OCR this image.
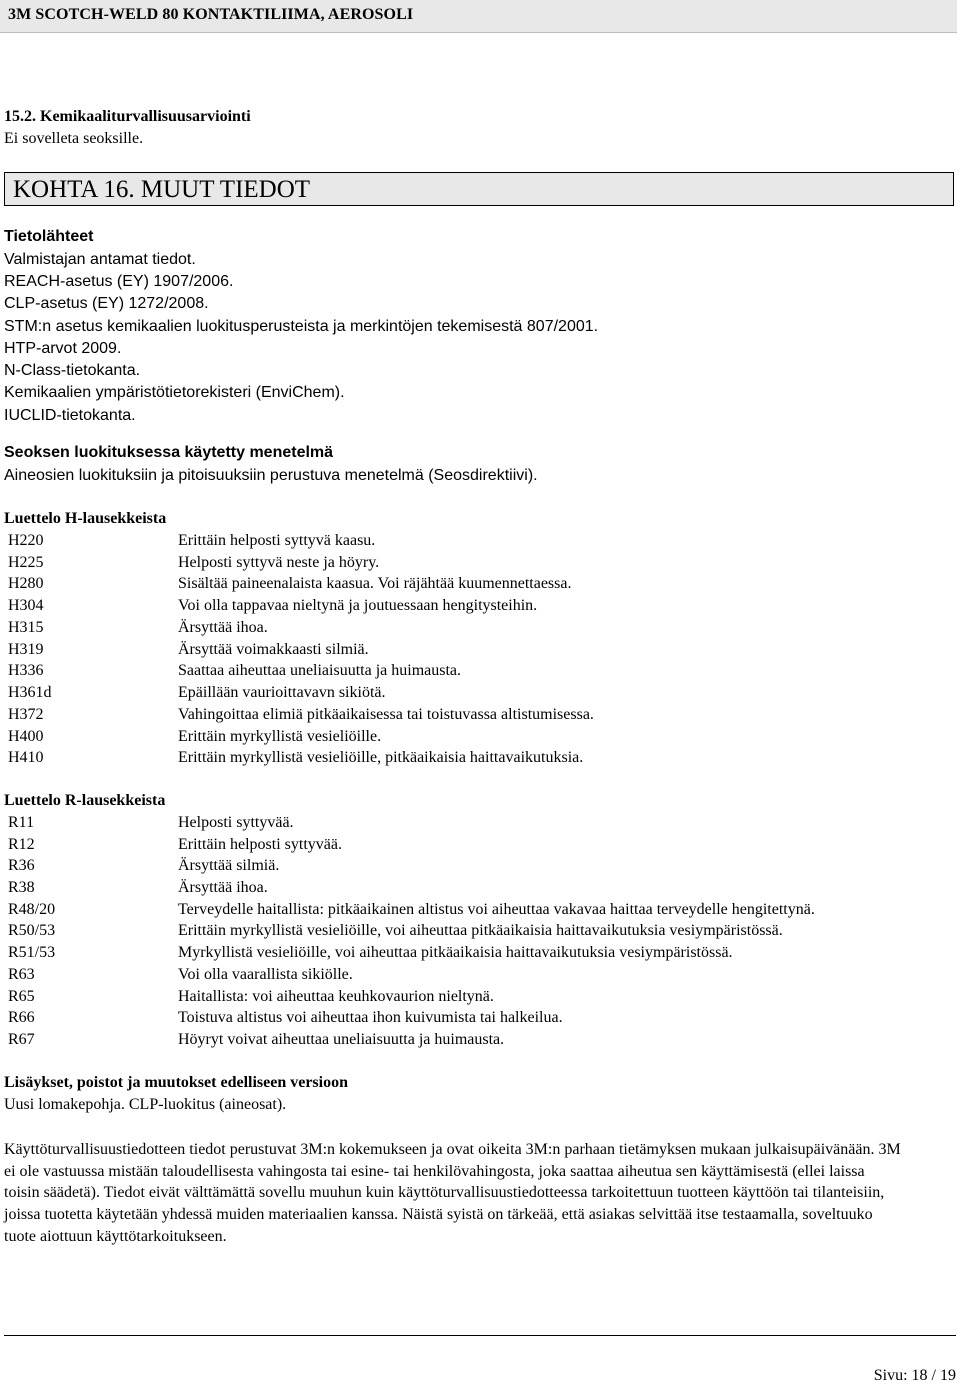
3M SCOTCH-WELD 80 KONTAKTILIIMA, AEROSOLI
15.2. Kemikaaliturvallisuusarviointi
Ei sovelleta seoksille.
KOHTA 16. MUUT TIEDOT
Tietolähteet
Valmistajan antamat tiedot.
REACH-asetus (EY) 1907/2006.
CLP-asetus (EY) 1272/2008.
STM:n asetus kemikaalien luokitusperusteista ja merkintöjen tekemisestä 807/2001.
HTP-arvot 2009.
N-Class-tietokanta.
Kemikaalien ympäristötietorekisteri (EnviChem).
IUCLID-tietokanta.
Seoksen luokituksessa käytetty menetelmä
Aineosien luokituksiin ja pitoisuuksiin perustuva menetelmä (Seosdirektiivi).
Luettelo H-lausekkeista
H220	Erittäin helposti syttyvä kaasu.
H225	Helposti syttyvä neste ja höyry.
H280	Sisältää paineenalaista kaasua. Voi räjähtää kuumennettaessa.
H304	Voi olla tappavaa nieltynä ja joutuessaan hengitysteihin.
H315	Ärsyttää ihoa.
H319	Ärsyttää voimakkaasti silmiä.
H336	Saattaa aiheuttaa uneliaisuutta ja huimausta.
H361d	Epäillään vaurioittavavn sikiötä.
H372	Vahingoittaa elimiä pitkäaikaisessa tai toistuvassa altistumisessa.
H400	Erittäin myrkyllistä vesieliöille.
H410	Erittäin myrkyllistä vesieliöille, pitkäaikaisia haittavaikutuksia.
Luettelo R-lausekkeista
R11	Helposti syttyvää.
R12	Erittäin helposti syttyvää.
R36	Ärsyttää silmiä.
R38	Ärsyttää ihoa.
R48/20	Terveydelle haitallista: pitkäaikainen altistus voi aiheuttaa vakavaa haittaa terveydelle hengitettynä.
R50/53	Erittäin myrkyllistä vesieliöille, voi aiheuttaa pitkäaikaisia haittavaikutuksia vesiympäristössä.
R51/53	Myrkyllistä vesieliöille, voi aiheuttaa pitkäaikaisia haittavaikutuksia vesiympäristössä.
R63	Voi olla vaarallista sikiölle.
R65	Haitallista: voi aiheuttaa keuhkovaurion nieltynä.
R66	Toistuva altistus voi aiheuttaa ihon kuivumista tai halkeilua.
R67	Höyryt voivat aiheuttaa uneliaisuutta ja huimausta.
Lisäykset, poistot ja muutokset edelliseen versioon
Uusi lomakepohja. CLP-luokitus (aineosat).
Käyttöturvallisuustiedotteen tiedot perustuvat 3M:n kokemukseen ja ovat oikeita 3M:n parhaan tietämyksen mukaan julkaisupäivänään. 3M ei ole vastuussa mistään taloudellisesta vahingosta tai esine- tai henkilövahingosta, joka saattaa aiheutua sen käyttämisestä (ellei laissa toisin säädetä). Tiedot eivät välttämättä sovellu muuhun kuin käyttöturvallisuustiedotteessa tarkoitettuun tuotteen käyttöön tai tilanteisiin, joissa tuotetta käytetään yhdessä muiden materiaalien kanssa. Näistä syistä on tärkeää, että asiakas selvittää itse testaamalla, soveltuuko tuote aiottuun käyttötarkoitukseen.
Sivu: 18 / 19
